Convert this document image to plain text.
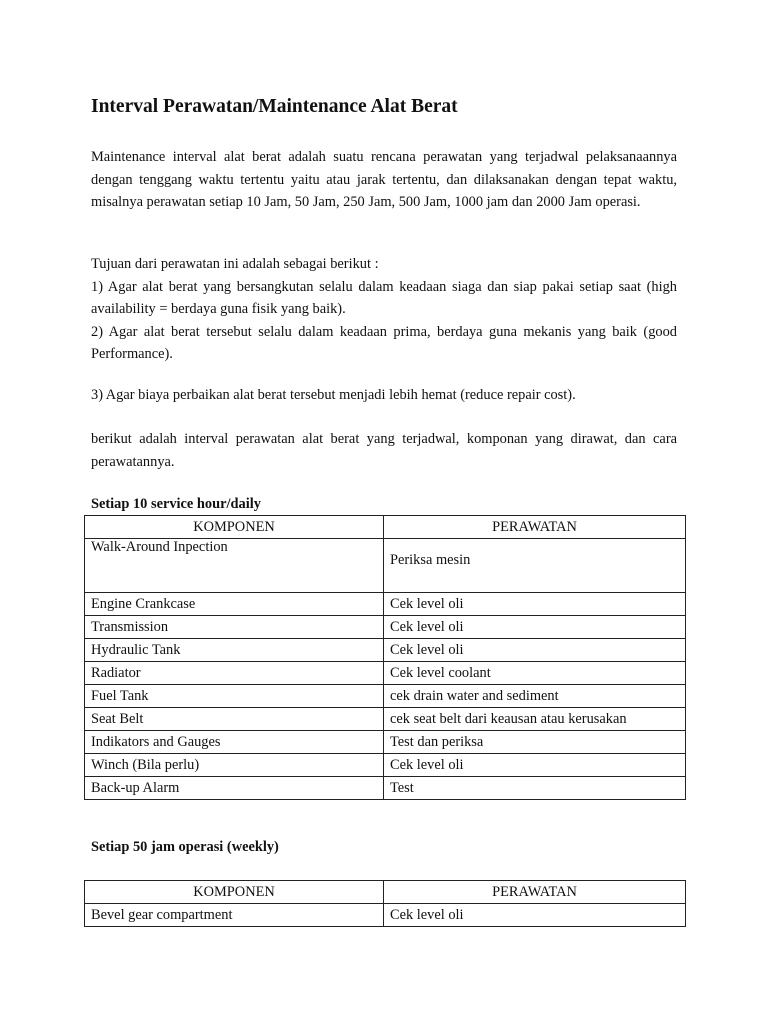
Interval Perawatan/Maintenance Alat Berat

Maintenance interval alat berat adalah suatu rencana perawatan yang terjadwal pelaksanaannya
dengan tenggang waktu tertentu yaitu atau jarak tertentu, dan dilaksanakan dengan tepat waktu,
misalnya perawatan setiap 10 Jam, 50 Jam, 250 Jam, 500 Jam, 1000 jam dan 2000 Jam operasi.

Tujuan dari perawatan ini adalah sebagai berikut :
1) Agar alat berat yang bersangkutan selalu dalam keadaan siaga dan siap pakai setiap saat (high
availability = berdaya guna fisik yang baik).
2) Agar alat berat tersebut selalu dalam keadaan prima, berdaya guna mekanis yang baik (good
Performance).

3) Agar biaya perbaikan alat berat tersebut menjadi lebih hemat (reduce repair cost).

berikut adalah interval perawatan alat berat yang terjadwal, komponan yang dirawat, dan cara
perawatannya.

Setiap 10 service hour/daily
KOMPONEN	PERAWATAN
Walk-Around Inpection	Periksa mesin
Engine Crankcase	Cek level oli
Transmission	Cek level oli
Hydraulic Tank	Cek level oli
Radiator	Cek level coolant
Fuel Tank	cek drain water and sediment
Seat Belt	cek seat belt dari keausan atau kerusakan
Indikators and Gauges	Test dan periksa
Winch (Bila perlu)	Cek level oli
Back-up Alarm	Test
Setiap 50 jam operasi (weekly)
KOMPONEN	PERAWATAN
Bevel gear compartment	Cek level oli
